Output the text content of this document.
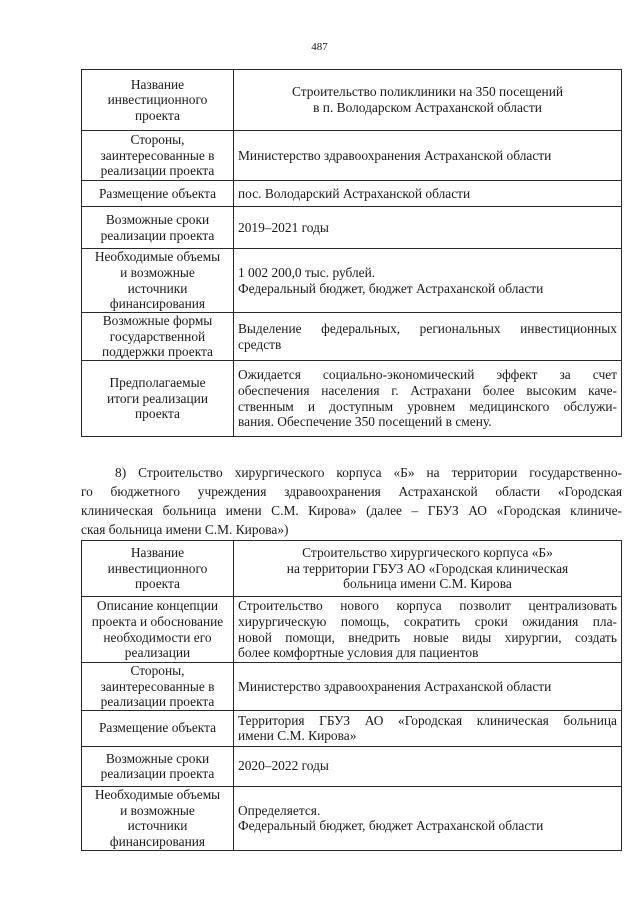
487
Название
инвестиционного
проекта	Строительство поликлиники на 350 посещений
в п. Володарском Астраханской области

Стороны,
заинтересованные в
реализации проекта	Министерство здравоохранения Астраханской области

Размещение объекта	пос. Володарский Астраханской области

Возможные сроки
реализации проекта	2019–2021 годы

Необходимые объемы
и возможные
источники
финансирования	1 002 200,0 тыс. рублей.
Федеральный бюджет, бюджет Астраханской области

Возможные формы
государственной
поддержки проекта	Выделение федеральных, региональных инвестиционных
средств

Предполагаемые
итоги реализации
проекта	Ожидается социально-экономический эффект за счет
обеспечения населения г. Астрахани более высоким каче-
ственным и доступным уровнем медицинского обслужи-
вания. Обеспечение 350 посещений в смену.
8) Строительство хирургического корпуса «Б» на территории государственно-
го бюджетного учреждения здравоохранения Астраханской области «Городская
клиническая больница имени С.М. Кирова» (далее – ГБУЗ АО «Городская клиниче-
ская больница имени С.М. Кирова»)
Название
инвестиционного
проекта	Строительство хирургического корпуса «Б»
на территории ГБУЗ АО «Городская клиническая
больница имени С.М. Кирова

Описание концепции
проекта и обоснование
необходимости его
реализации	Строительство нового корпуса позволит централизовать
хирургическую помощь, сократить сроки ожидания пла-
новой помощи, внедрить новые виды хирургии, создать
более комфортные условия для пациентов

Стороны,
заинтересованные в
реализации проекта	Министерство здравоохранения Астраханской области

Размещение объекта	Территория ГБУЗ АО «Городская клиническая больница
имени С.М. Кирова»

Возможные сроки
реализации проекта	2020–2022 годы

Необходимые объемы
и возможные
источники
финансирования	Определяется.
Федеральный бюджет, бюджет Астраханской области
